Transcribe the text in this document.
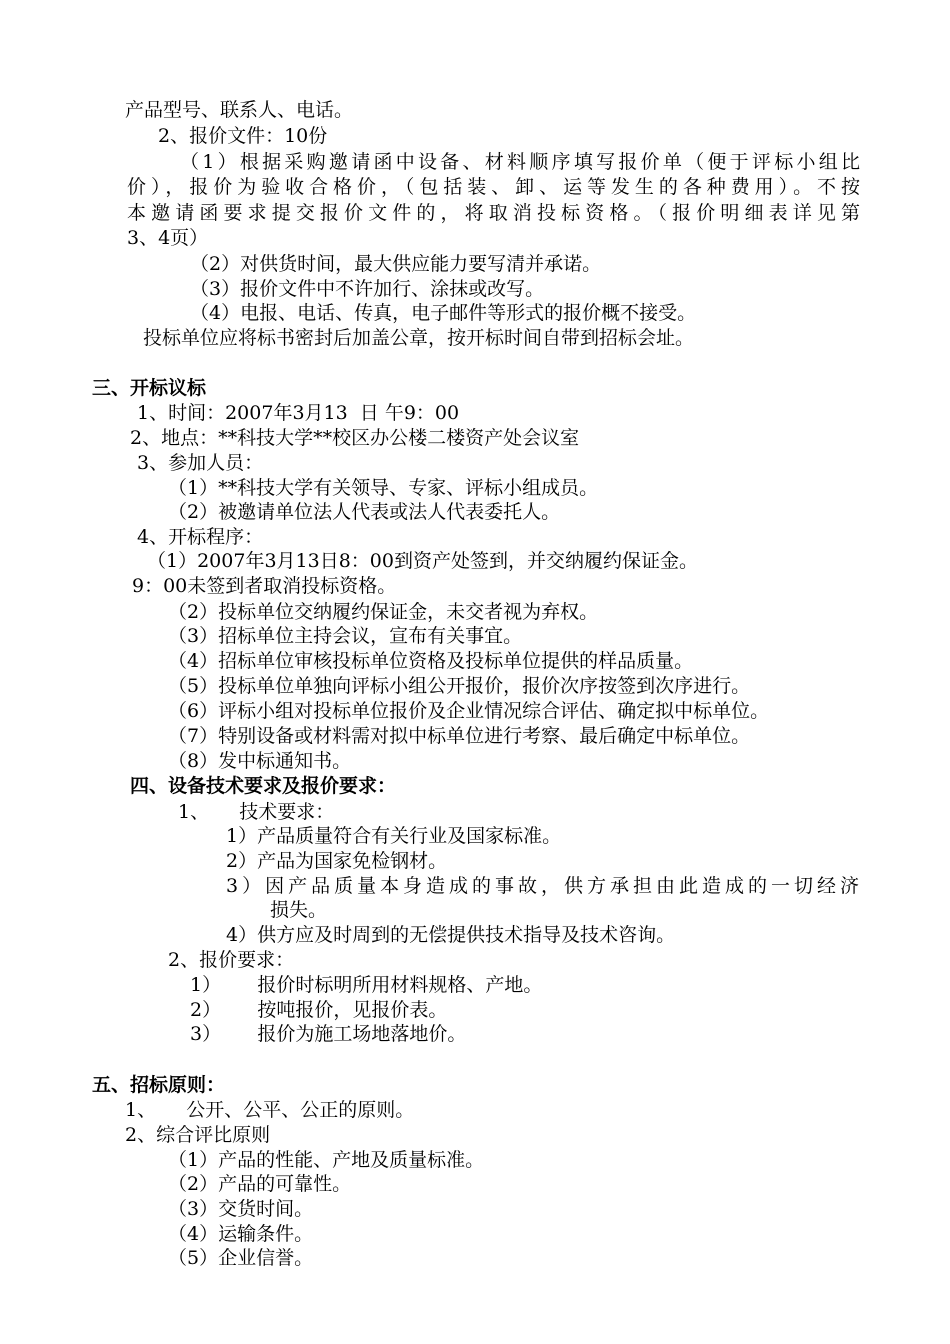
产品型号、联系人、电话。
2、报价文件：10份
（1）根据采购邀请函中设备、材料顺序填写报价单（便于评标小组比
价），报价为验收合格价，（包括装、卸、运等发生的各种费用）。不按
本邀请函要求提交报价文件的，将取消投标资格。（报价明细表详见第
3、4页）
（2）对供货时间，最大供应能力要写清并承诺。
（3）报价文件中不许加行、涂抹或改写。
（4）电报、电话、传真，电子邮件等形式的报价概不接受。
投标单位应将标书密封后加盖公章，按开标时间自带到招标会址。
三、开标议标
1、时间：2007年3月13  日 午9：00
2、地点：**科技大学**校区办公楼二楼资产处会议室
3、参加人员：
（1）**科技大学有关领导、专家、评标小组成员。
（2）被邀请单位法人代表或法人代表委托人。
4、开标程序：
（1）2007年3月13日8：00到资产处签到，并交纳履约保证金。
9：00未签到者取消投标资格。
（2）投标单位交纳履约保证金，未交者视为弃权。
（3）招标单位主持会议，宣布有关事宜。
（4）招标单位审核投标单位资格及投标单位提供的样品质量。
（5）投标单位单独向评标小组公开报价，报价次序按签到次序进行。
（6）评标小组对投标单位报价及企业情况综合评估、确定拟中标单位。
（7）特别设备或材料需对拟中标单位进行考察、最后确定中标单位。
（8）发中标通知书。
四、设备技术要求及报价要求：
1、     技术要求：
1）产品质量符合有关行业及国家标准。
2）产品为国家免检钢材。
3）因产品质量本身造成的事故，供方承担由此造成的一切经济
损失。
4）供方应及时周到的无偿提供技术指导及技术咨询。
2、报价要求：
1）      报价时标明所用材料规格、产地。
2）      按吨报价，见报价表。
3）      报价为施工场地落地价。
五、招标原则：
1、     公开、公平、公正的原则。
2、综合评比原则
（1）产品的性能、产地及质量标准。
（2）产品的可靠性。
（3）交货时间。
（4）运输条件。
（5）企业信誉。
